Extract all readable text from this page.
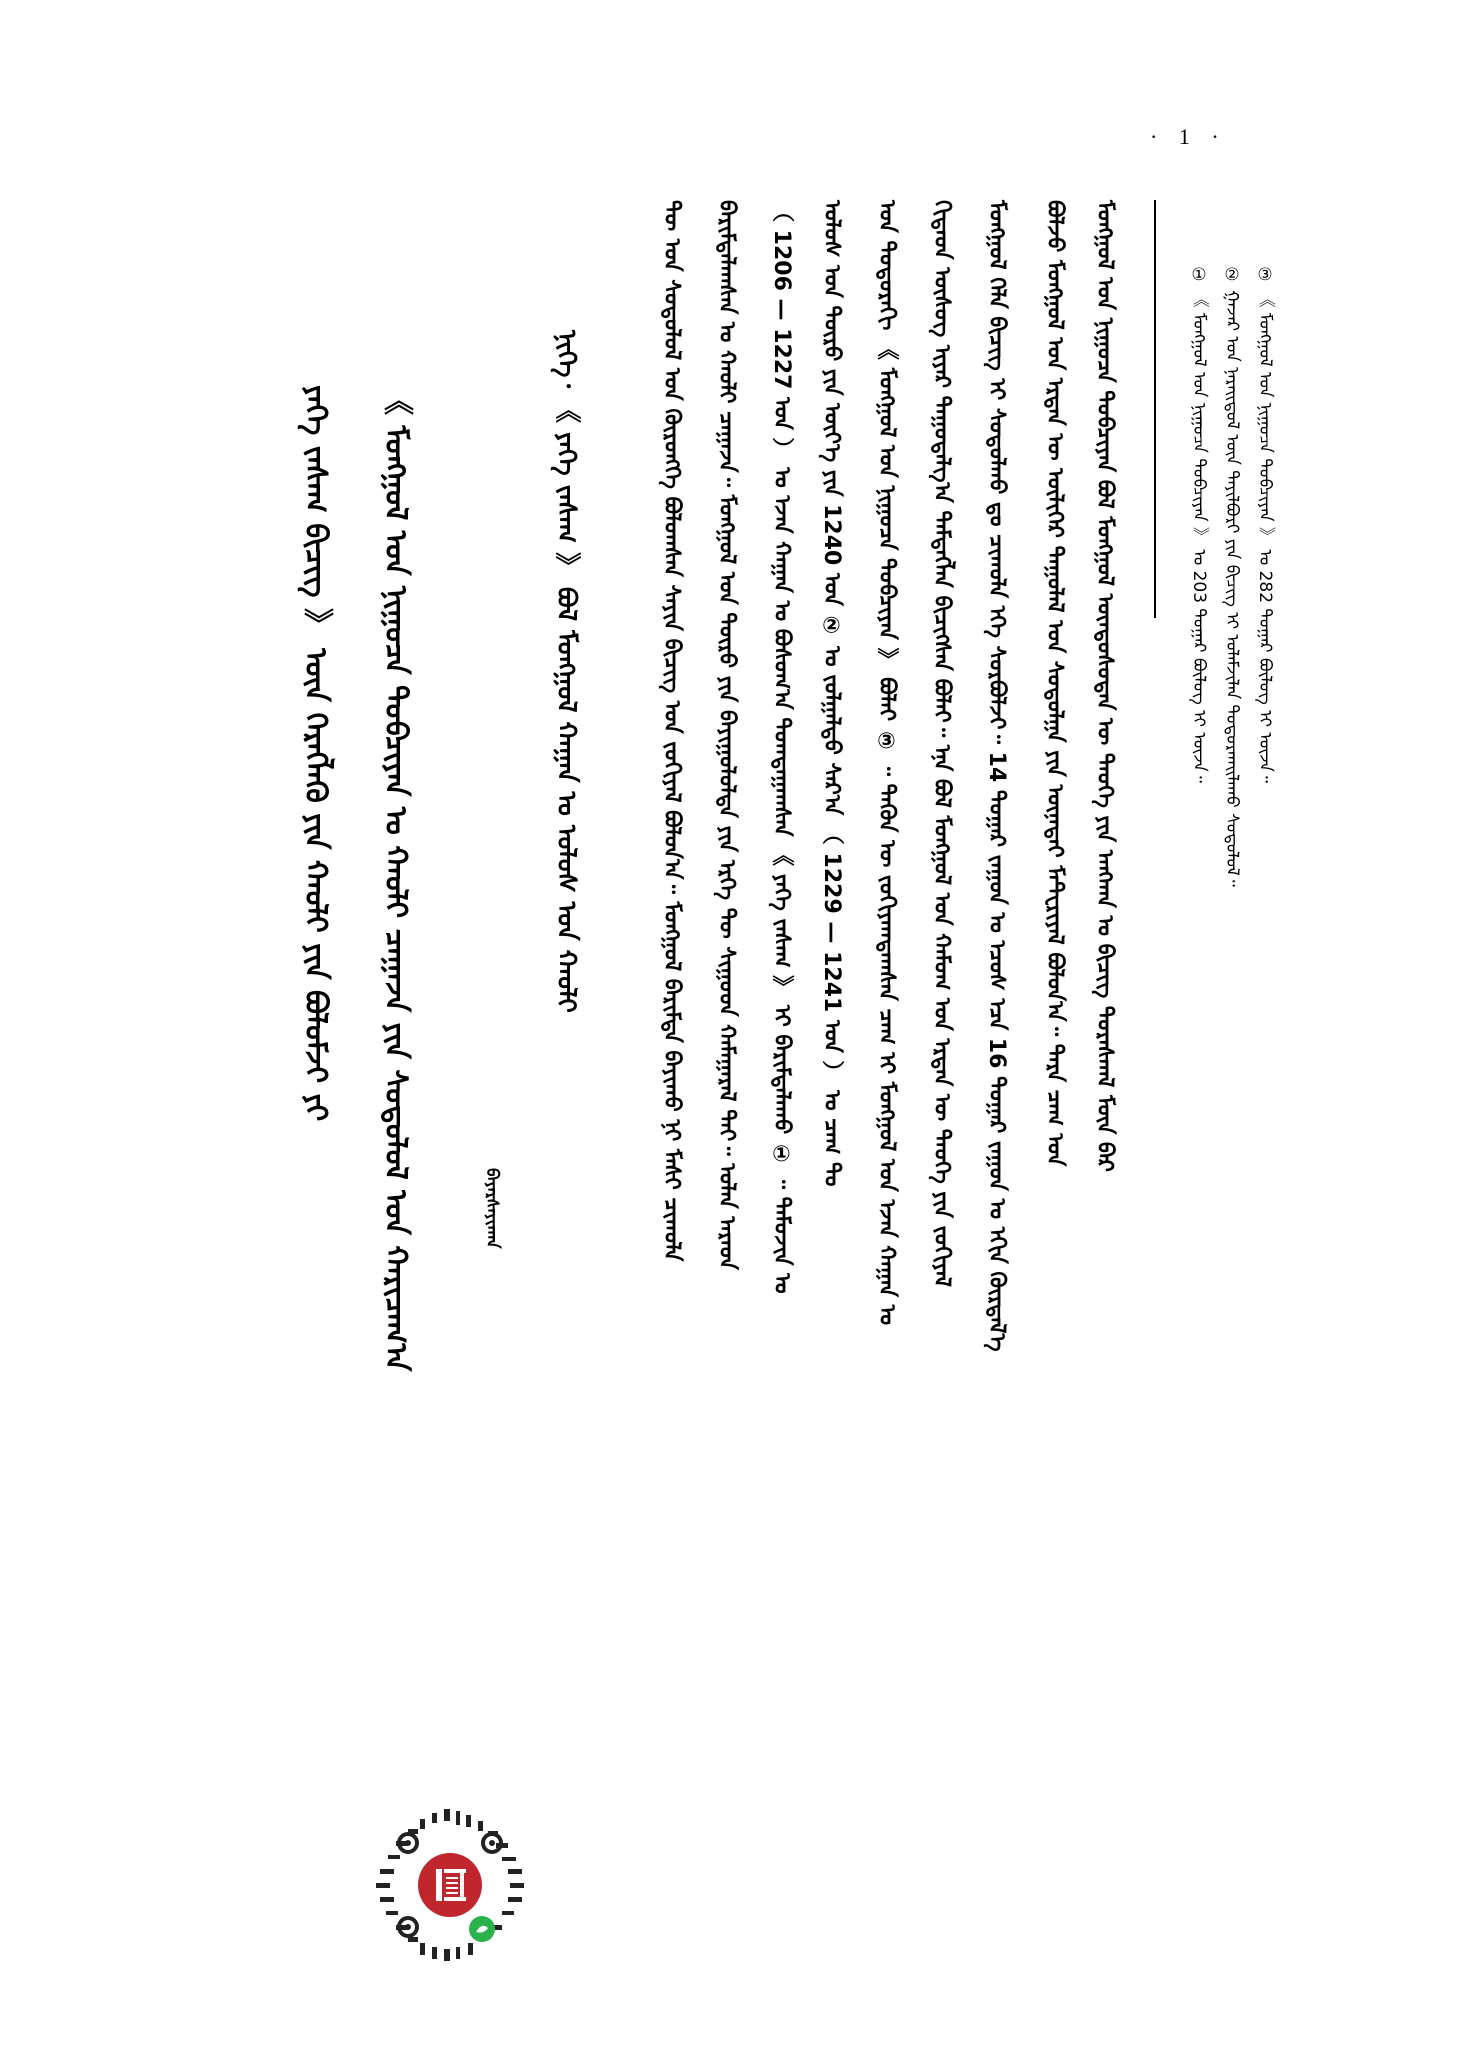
· 1 ·
③ 《 ᠮᠣᠩᠭᠣᠯ ᠤᠨ ᠨᠢᠭᠤᠴᠠ ᠲᠣᠪᠴᠢᠶᠠᠨ 》 ᠤ 282 ᠳᠤᠭᠠᠷ ᠪᠦᠯᠦᠭ ᠢ ᠦᠵᠡ᠃
② ᠭᠠᠵᠠᠷ ᠤᠨ ᠨᠡᠷᠡᠢᠳᠦᠯ ᠦᠨ ᠲᠠᠶᠢᠯᠪᠤᠷᠢ ᠶᠢᠨ ᠪᠢᠴᠢᠭ ᠢ ᠤᠯᠠᠮᠵᠢᠯᠠᠨ ᠲᠣᠳᠣᠷᠬᠠᠢᠯᠠᠬᠤ ᠰᠤᠳᠤᠯᠤᠯ᠃
① 《 ᠮᠣᠩᠭᠣᠯ ᠤᠨ ᠨᠢᠭᠤᠴᠠ ᠲᠣᠪᠴᠢᠶᠠᠨ 》 ᠤ 203 ᠳᠤᠭᠠᠷ ᠪᠦᠯᠦᠭ ᠢ ᠦᠵᠡ᠃
ᠮᠣᠩᠭᠣᠯ ᠤᠨ ᠨᠢᠭᠤᠴᠠ ᠲᠣᠪᠴᠢᠶᠠᠨ ᠪᠣᠯ ᠮᠣᠩᠭᠣᠯ ᠦᠨᠳᠦᠰᠦᠲᠡᠨ ᠦ ᠲᠡᠦᠬᠡ ᠶᠢᠨ ᠠᠩᠬᠠᠨ ᠤ ᠪᠢᠴᠢᠭ᠌ ᠳᠤᠷᠠᠰᠬᠠᠯ ᠮᠥᠨ ᠪᠠᠷ
ᠪᠣᠯᠵᠤ ᠮᠣᠩᠭᠣᠯ ᠤᠨ ᠡᠷᠲᠡᠨ ᠦ ᠦᠯᠢᠭᠡᠷ ᠳᠠᠭᠤᠯᠠᠯ ᠤᠨ ᠰᠤᠳᠤᠯᠭᠠ ᠶᠢᠨ ᠦᠨᠡᠲᠡᠢ ᠮᠠᠲ᠋ᠧᠷᠢᠶᠠᠯ ᠪᠣᠯᠤᠨ᠎ᠠ᠃ ᠲᠡᠷᠡ ᠴᠠᠭ ᠤᠨ
ᠮᠣᠩᠭᠣᠯ ᠬᠡᠯᠡ ᠪᠢᠴᠢᠭ᠌ ᠢ ᠰᠤᠳᠤᠯᠬᠤ ᠳᠤ ᠴᠢᠬᠤᠯᠠ ᠡᠬᠡ ᠰᠤᠷᠪᠤᠯᠵᠢ᠃ 14 ᠳᠤᠭᠠᠷ ᠵᠠᠭᠤᠨ ᠤ ᠡᠴᠦᠰ ᠡᠴᠡ 16 ᠳᠤᠭᠠᠷ ᠵᠠᠭᠤᠨ ᠤ ᠡᠬᠢᠨ ᠬᠦᠷᠲᠡᠯ᠎ᠡ
ᠬᠢᠲᠠᠳ ᠦᠰᠦᠭ ᠢᠶᠡᠷ ᠳᠠᠭᠤᠳᠠᠯᠭ᠎ᠠ ᠲᠡᠮᠳᠡᠭᠯᠡᠨ ᠪᠢᠴᠢᠭᠰᠡᠨ ᠪᠣᠯᠠᠢ᠃ ᠡᠨᠡ ᠪᠣᠯ ᠮᠣᠩᠭᠣᠯ ᠤᠨ ᠬᠠᠮᠤᠭ ᠤᠨ ᠡᠷᠲᠡᠨ ᠦ ᠲᠡᠦᠬᠡ ᠶᠢᠨ ᠵᠣᠬᠢᠶᠠᠯ
ᠤᠨ ᠳᠣᠲᠣᠷᠠᠬᠢ 《 ᠮᠣᠩᠭᠣᠯ ᠤᠨ ᠨᠢᠭᠤᠴᠠ ᠲᠣᠪᠴᠢᠶᠠᠨ 》 ᠪᠣᠯᠠᠢ ③ ᠃ ᠲᠡᠭᠦᠨ ᠦ ᠵᠣᠬᠢᠶᠠᠭᠳᠠᠭᠰᠠᠨ ᠴᠠᠭ ᠢ ᠮᠣᠩᠭᠣᠯ ᠤᠨ ᠡᠵᠡᠨ ᠬᠠᠭᠠᠨ ᠤ
ᠤᠯᠤᠰ ᠤᠨ ᠲᠥᠷᠦ ᠶᠢᠨ ᠦᠶ᠎ᠡ ᠶᠢᠨ 1240 ᠣᠨ ② ᠤ ᠵᠣᠯᠭᠠᠯᠲᠤ ᠰᠠᠷ᠎ᠠ （ 1229 — 1241 ᠣᠨ ） ᠤ ᠴᠠᠭ ᠲᠤ
（ 1206 — 1227 ᠣᠨ ） ᠤ ᠡᠵᠡᠨ ᠬᠠᠭᠠᠨ ᠤ ᠪᠣᠰᠣᠭ᠎ᠠ ᠲᠣᠭᠲᠠᠭᠠᠭᠰᠠᠨ 《 ᠶᠡᠬᠡ ᠵᠠᠰᠠᠭ 》 ᠢ ᠪᠠᠷᠢᠮᠲᠠᠯᠠᠬᠤ ① ᠃ ᠲᠡᠮᠦᠵᠢᠨ ᠤ
ᠪᠠᠷᠢᠮᠲᠠᠯᠠᠭᠰᠠᠨ ᠤ ᠬᠠᠤᠯᠢ ᠴᠠᠭᠠᠵᠠ᠃ ᠮᠣᠩᠭᠣᠯ ᠤᠨ ᠲᠥᠷᠦ ᠶᠢᠨ ᠪᠠᠶᠢᠭᠤᠯᠤᠯᠲᠠ ᠶᠢᠨ ᠡᠷᠬᠡ ᠲᠦ ᠰᠢᠭᠤᠳ ᠬᠠᠮᠠᠭᠠᠷᠠᠯ ᠲᠠᠢ᠃ ᠣᠯᠠᠨ ᠠᠷᠠᠳ
ᠲᠦ ᠤᠨ ᠰᠤᠳᠤᠯᠤᠯ ᠤᠨ ᠬᠥᠷᠥᠩᠭᠡ ᠪᠣᠯᠤᠭᠰᠠᠨ ᠰᠠᠶᠢᠨ ᠪᠢᠴᠢᠭ᠌ ᠤᠨ ᠵᠣᠬᠢᠶᠠᠯ ᠪᠣᠯᠤᠨ᠎ᠠ᠃ ᠮᠣᠩᠭᠣᠯ ᠪᠠᠷᠢᠮᠲᠠ ᠪᠠᠶᠢᠬᠤ ᠨᠢ ᠮᠠᠰᠢ ᠴᠢᠬᠤᠯᠠ
ᠨᠢᠭᠡ᠂ 《 ᠶᠡᠬᠡ ᠵᠠᠰᠠᠭ 》 ᠪᠣᠯ ᠮᠣᠩᠭᠣᠯ ᠬᠠᠭᠠᠨ ᠤ ᠤᠯᠤᠰ ᠤᠨ ᠬᠠᠤᠯᠢ
ᠪᠠᠶᠠᠷᠰᠠᠶᠢᠬᠠᠨ
《 ᠮᠣᠩᠭᠣᠯ ᠤᠨ ᠨᠢᠭᠤᠴᠠ ᠲᠣᠪᠴᠢᠶᠠᠨ ᠤ ᠬᠠᠤᠯᠢ ᠴᠠᠭᠠᠵᠠ ᠶᠢᠨ ᠰᠤᠳᠤᠯᠤᠯ ᠤᠨ ᠬᠠᠷᠢᠴᠠᠭ᠎ᠠ
ᠶᠡᠬᠡ ᠵᠠᠰᠠᠭ ᠪᠢᠴᠢᠭ 》 ᠦᠨ ᠬᠡᠷᠡᠭᠯᠡᠬᠦ ᠶᠢᠨ ᠬᠠᠤᠯᠢ ᠶᠢᠨ ᠪᠣᠯᠣᠮᠵᠢ ᠶᠢ
